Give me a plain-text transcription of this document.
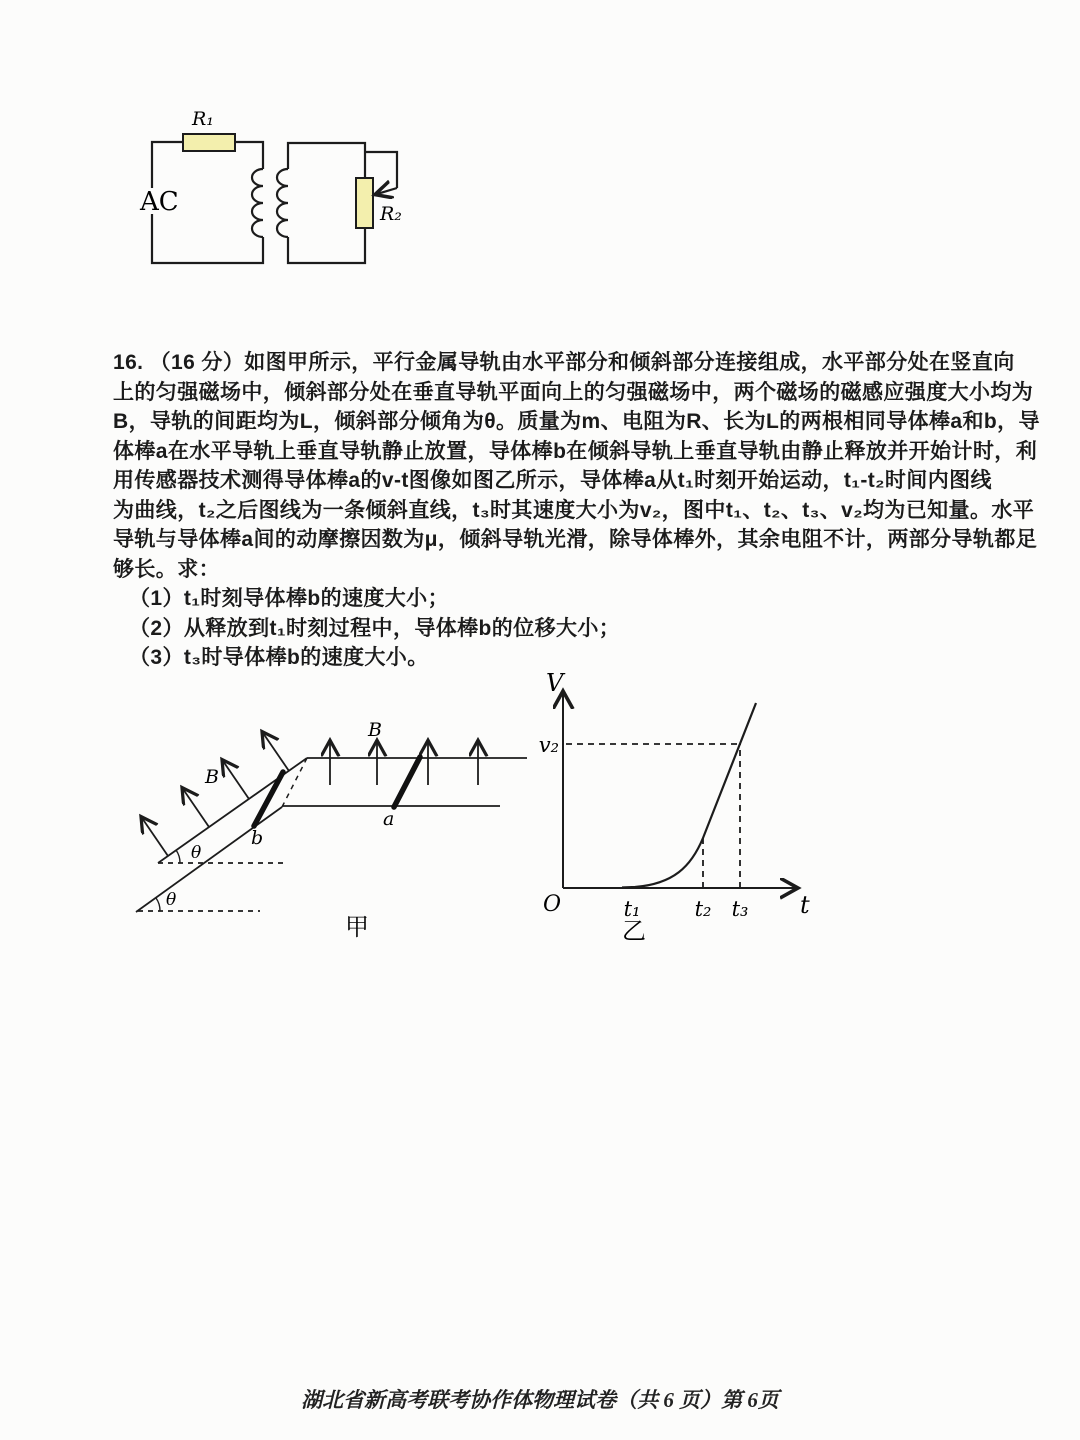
R₁
R₂
AC
16. （16 分）如图甲所示，平行金属导轨由水平部分和倾斜部分连接组成，水平部分处在竖直向
上的匀强磁场中，倾斜部分处在垂直导轨平面向上的匀强磁场中，两个磁场的磁感应强度大小均为
B，导轨的间距均为L，倾斜部分倾角为θ。质量为m、电阻为R、长为L的两根相同导体棒a和b，导
体棒a在水平导轨上垂直导轨静止放置，导体棒b在倾斜导轨上垂直导轨由静止释放并开始计时，利
用传感器技术测得导体棒a的v-t图像如图乙所示，导体棒a从t₁时刻开始运动，t₁-t₂时间内图线
为曲线，t₂之后图线为一条倾斜直线，t₃时其速度大小为v₂，图中t₁、t₂、t₃、v₂均为已知量。水平
导轨与导体棒a间的动摩擦因数为μ，倾斜导轨光滑，除导体棒外，其余电阻不计，两部分导轨都足
够长。求：
（1）t₁时刻导体棒b的速度大小；
（2）从释放到t₁时刻过程中，导体棒b的位移大小；
（3）t₃时导体棒b的速度大小。
θ
θ
B
B
b
a
甲
V
O
v₂
t₁	t₂ t₃ t
乙
湖北省新高考联考协作体物理试卷（共 6 页）第 6页
